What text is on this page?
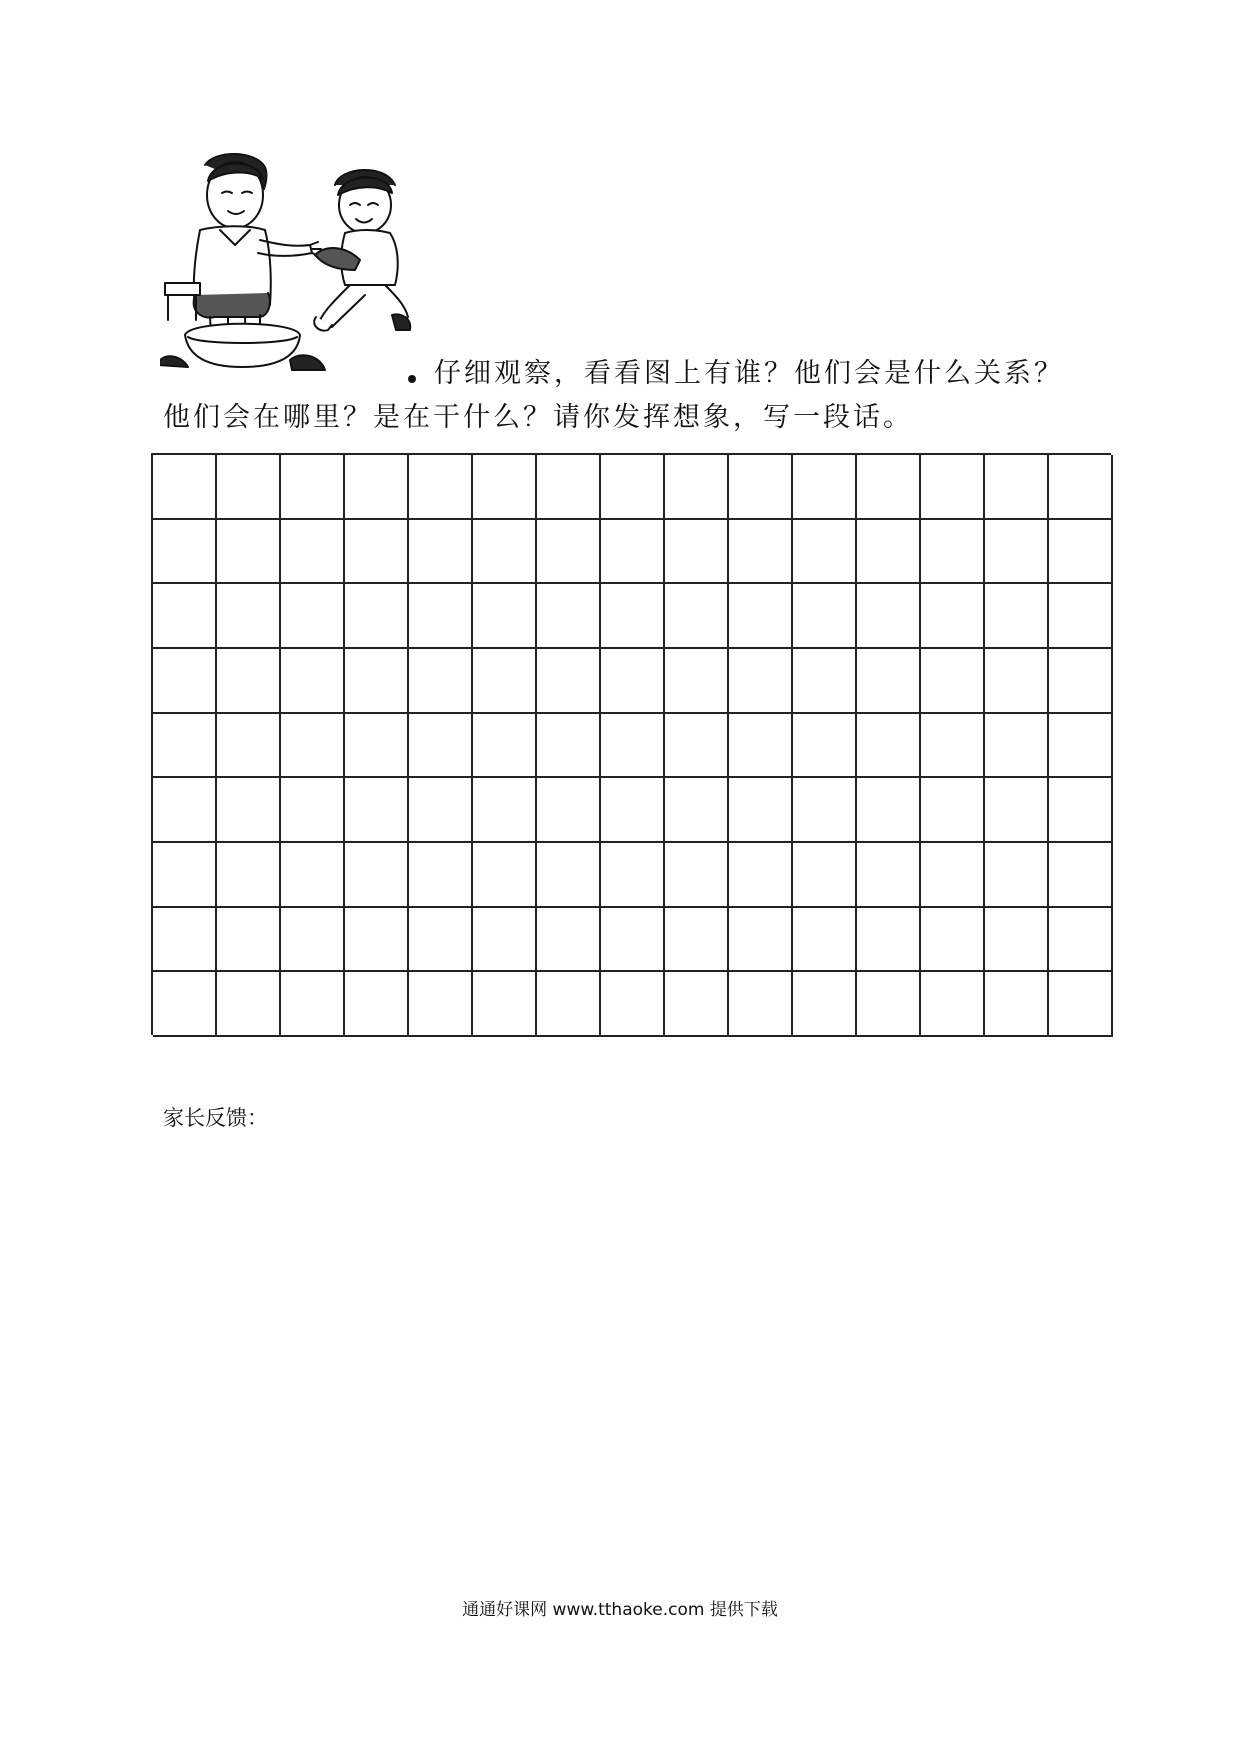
仔细观察，看看图上有谁？他们会是什么关系？
他们会在哪里？是在干什么？请你发挥想象，写一段话。
家长反馈：
通通好课网 www.tthaoke.com 提供下载
